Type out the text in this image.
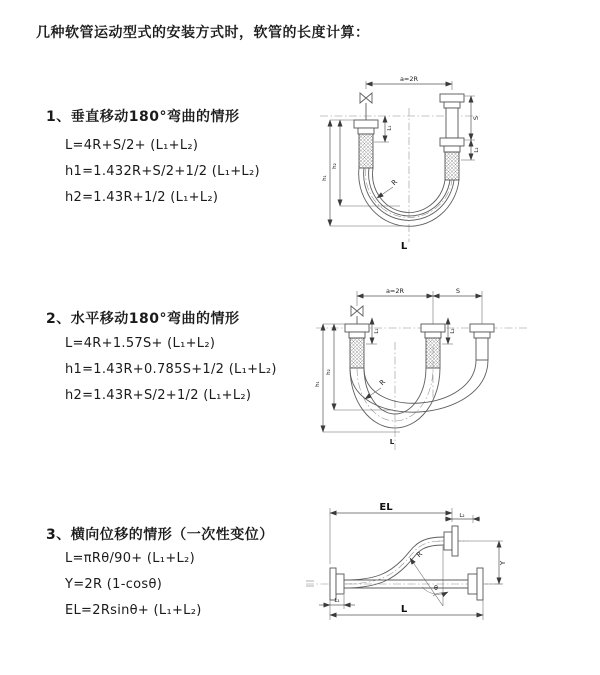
几种软管运动型式的安装方式时，软管的长度计算：
1、垂直移动180°弯曲的情形
L=4R+S/2+ (L₁+L₂)
h1=1.432R+S/2+1/2 (L₁+L₂)
h2=1.43R+1/2 (L₁+L₂)
2、水平移动180°弯曲的情形
L=4R+1.57S+ (L₁+L₂)
h1=1.43R+0.785S+1/2 (L₁+L₂)
h2=1.43R+S/2+1/2 (L₁+L₂)
3、横向位移的情形（一次性变位）
L=πRθ/90+ (L₁+L₂)
Y=2R (1-cosθ)
EL=2Rsinθ+ (L₁+L₂)
a=2R
S
L₂
L₁
h₁
h₂
R
L
a=2R	S
L₁	L₂
h₁
h₂
R
L
EL
L₂
Y
L
L₁
θ
R
